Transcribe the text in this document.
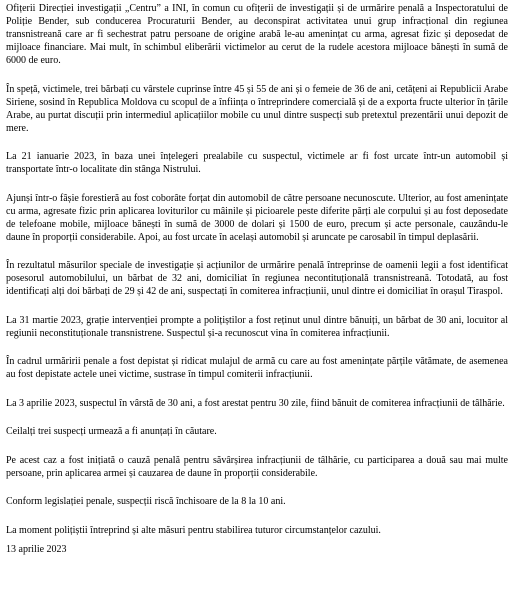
Ofițerii Direcției investigații „Centru” a INI, în comun cu ofițerii de investigații și de urmărire penală a Inspectoratului de Poliție Bender, sub conducerea Procuraturii Bender, au deconspirat activitatea unui grup infracțional din regiunea transnistreană care ar fi sechestrat patru persoane de origine arabă le-au amenințat cu arma, agresat fizic și deposedat de mijloace financiare. Mai mult, în schimbul eliberării victimelor au cerut de la rudele acestora mijloace bănești în sumă de 6000 de euro.

În speță, victimele, trei bărbați cu vârstele cuprinse între 45 și 55 de ani și o femeie de 36 de ani, cetățeni ai Republicii Arabe Siriene, sosind în Republica Moldova cu scopul de a înființa o întreprindere comercială și de a exporta fructe ulterior în țările Arabe, au purtat discuții prin intermediul aplicațiilor mobile cu unul dintre suspecți sub pretextul prezentării unui depozit de mere.

La 21 ianuarie 2023, în baza unei înțelegeri prealabile cu suspectul, victimele ar fi fost urcate într-un automobil și transportate într-o localitate din stânga Nistrului.

Ajunși într-o fâșie forestieră au fost coborâte forțat din automobil de către persoane necunoscute. Ulterior, au fost amenințate cu arma, agresate fizic prin aplicarea loviturilor cu mâinile și picioarele peste diferite părți ale corpului și au fost deposedate de telefoane mobile, mijloace bănești în sumă de 3000 de dolari și 1500 de euro, precum și acte personale, cauzându-le daune în proporții considerabile. Apoi, au fost urcate în același automobil și aruncate pe carosabil în timpul deplasării.

În rezultatul măsurilor speciale de investigație și acțiunilor de urmărire penală întreprinse de oamenii legii a fost identificat posesorul automobilului, un bărbat de 32 ani, domiciliat în regiunea necontituțională transnistreană. Totodată, au fost identificați alți doi bărbați de 29 și 42 de ani, suspectați în comiterea infracțiunii, unul dintre ei domiciliat în orașul Tiraspol.

La 31 martie 2023, grație intervenției prompte a polițiștilor a fost reținut unul dintre bănuiți, un bărbat de 30 ani, locuitor al regiunii neconstituționale transnistrene. Suspectul și-a recunoscut vina în comiterea infracțiunii.

În cadrul urmăririi penale a fost depistat și ridicat mulajul de armă cu care au fost amenințate părțile vătămate, de asemenea au fost depistate actele unei victime, sustrase în timpul comiterii infracțiunii.

La 3 aprilie 2023, suspectul în vârstă de 30 ani, a fost arestat pentru 30 zile, fiind bănuit de comiterea infracțiunii de tâlhărie.

Ceilalți trei suspecți urmează a fi anunțați în căutare.

Pe acest caz a fost inițiată o cauză penală pentru săvârșirea infracțiunii de tâlhărie, cu participarea a două sau mai multe persoane, prin aplicarea armei și cauzarea de daune în proporții considerabile.

Conform legislației penale, suspecții riscă închisoare de la 8 la 10 ani.

La moment polițiștii întreprind și alte măsuri pentru stabilirea tuturor circumstanțelor cazului.

13 aprilie 2023
